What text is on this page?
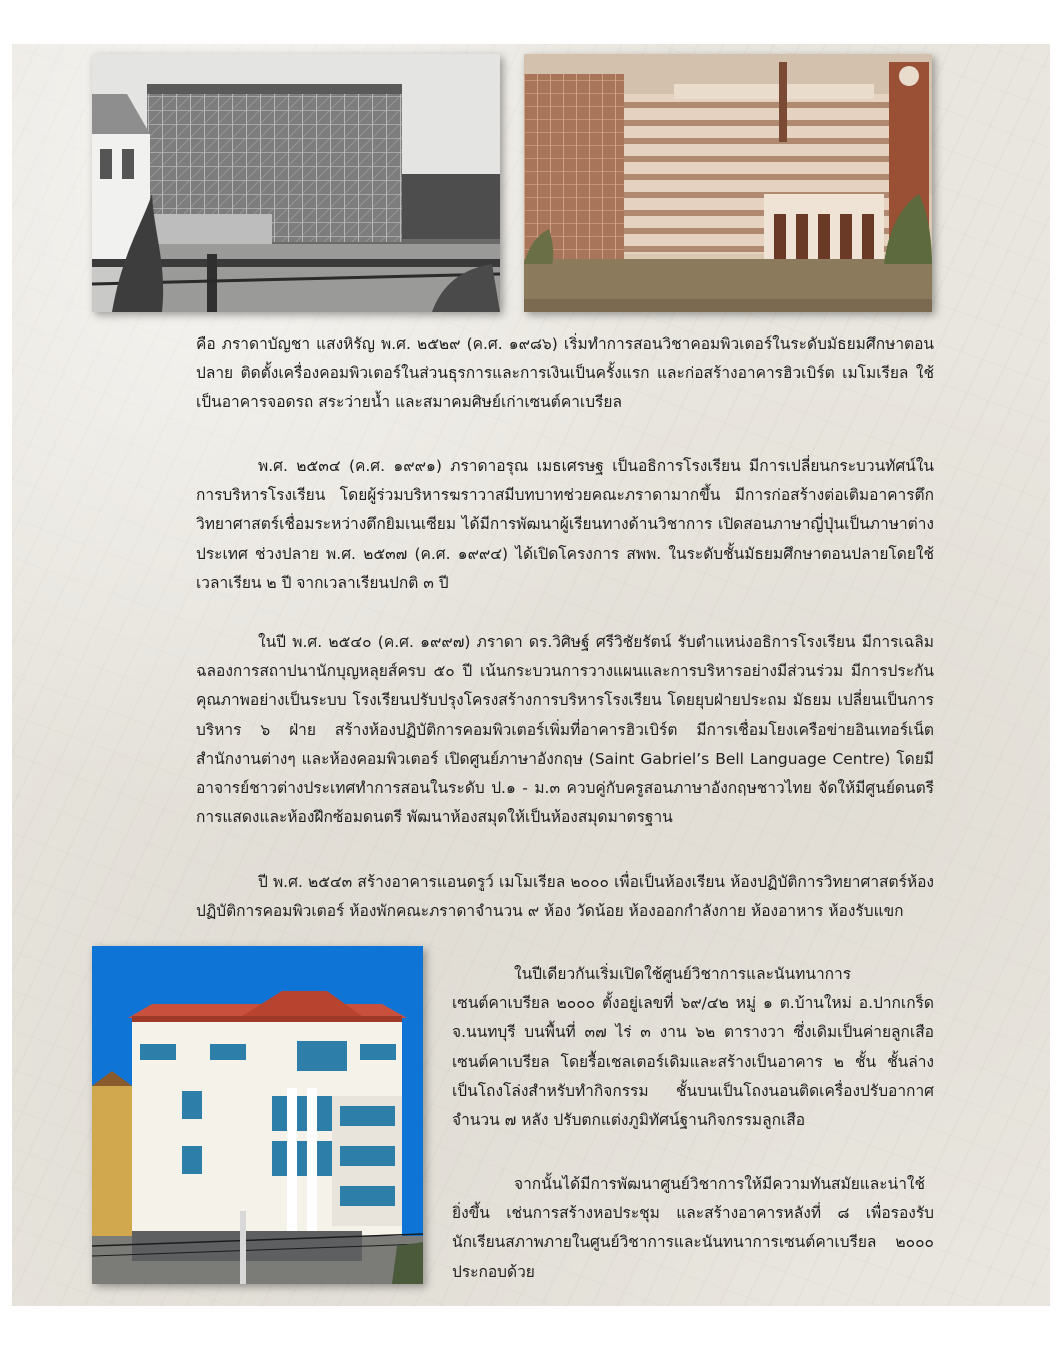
คือ ภราดาบัญชา แสงหิรัญ พ.ศ. ๒๕๒๙ (ค.ศ. ๑๙๘๖) เริ่มทำการสอนวิชาคอมพิวเตอร์ในระดับมัธยมศึกษาตอนปลาย ติดตั้งเครื่องคอมพิวเตอร์ในส่วนธุรการและการเงินเป็นครั้งแรก และก่อสร้างอาคารฮิวเบิร์ต เมโมเรียล ใช้เป็นอาคารจอดรถ สระว่ายน้ำ และสมาคมศิษย์เก่าเซนต์คาเบรียล

พ.ศ. ๒๕๓๔ (ค.ศ. ๑๙๙๑) ภราดาอรุณ เมธเศรษฐ เป็นอธิการโรงเรียน มีการเปลี่ยนกระบวนทัศน์ในการบริหารโรงเรียน โดยผู้ร่วมบริหารฆราวาสมีบทบาทช่วยคณะภราดามากขึ้น มีการก่อสร้างต่อเติมอาคารตึกวิทยาศาสตร์เชื่อมระหว่างตึกยิมเนเซียม ได้มีการพัฒนาผู้เรียนทางด้านวิชาการ เปิดสอนภาษาญี่ปุ่นเป็นภาษาต่างประเทศ ช่วงปลาย พ.ศ. ๒๕๓๗ (ค.ศ. ๑๙๙๔) ได้เปิดโครงการ สพพ. ในระดับชั้นมัธยมศึกษาตอนปลายโดยใช้เวลาเรียน ๒ ปี จากเวลาเรียนปกติ ๓ ปี

ในปี พ.ศ. ๒๕๔๐ (ค.ศ. ๑๙๙๗) ภราดา ดร.วิศิษฐ์ ศรีวิชัยรัตน์ รับตำแหน่งอธิการโรงเรียน มีการเฉลิมฉลองการสถาปนานักบุญหลุยส์ครบ ๕๐ ปี เน้นกระบวนการวางแผนและการบริหารอย่างมีส่วนร่วม มีการประกันคุณภาพอย่างเป็นระบบ โรงเรียนปรับปรุงโครงสร้างการบริหารโรงเรียน โดยยุบฝ่ายประถม มัธยม เปลี่ยนเป็นการบริหาร ๖ ฝ่าย สร้างห้องปฏิบัติการคอมพิวเตอร์เพิ่มที่อาคารฮิวเบิร์ต มีการเชื่อมโยงเครือข่ายอินเทอร์เน็ตสำนักงานต่างๆ และห้องคอมพิวเตอร์ เปิดศูนย์ภาษาอังกฤษ (Saint Gabriel’s Bell Language Centre) โดยมีอาจารย์ชาวต่างประเทศทำการสอนในระดับ ป.๑ - ม.๓ ควบคู่กับครูสอนภาษาอังกฤษชาวไทย จัดให้มีศูนย์ดนตรีการแสดงและห้องฝึกซ้อมดนตรี พัฒนาห้องสมุดให้เป็นห้องสมุดมาตรฐาน

ปี พ.ศ. ๒๕๔๓ สร้างอาคารแอนดรูว์ เมโมเรียล ๒๐๐๐ เพื่อเป็นห้องเรียน ห้องปฏิบัติการวิทยาศาสตร์ห้องปฏิบัติการคอมพิวเตอร์ ห้องพักคณะภราดาจำนวน ๙ ห้อง วัดน้อย ห้องออกกำลังกาย ห้องอาหาร ห้องรับแขก

ในปีเดียวกันเริ่มเปิดใช้ศูนย์วิชาการและนันทนาการเซนต์คาเบรียล ๒๐๐๐ ตั้งอยู่เลขที่ ๖๙/๔๒ หมู่ ๑ ต.บ้านใหม่ อ.ปากเกร็ด จ.นนทบุรี บนพื้นที่ ๓๗ ไร่ ๓ งาน ๖๒ ตารางวา ซึ่งเดิมเป็นค่ายลูกเสือเซนต์คาเบรียล โดยรื้อเชลเตอร์เดิมและสร้างเป็นอาคาร ๒ ชั้น ชั้นล่างเป็นโถงโล่งสำหรับทำกิจกรรม ชั้นบนเป็นโถงนอนติดเครื่องปรับอากาศ จำนวน ๗ หลัง ปรับตกแต่งภูมิทัศน์ฐานกิจกรรมลูกเสือ

จากนั้นได้มีการพัฒนาศูนย์วิชาการให้มีความทันสมัยและน่าใช้ยิ่งขึ้น เช่นการสร้างหอประชุม และสร้างอาคารหลังที่ ๘ เพื่อรองรับนักเรียนสภาพภายในศูนย์วิชาการและนันทนาการเซนต์คาเบรียล ๒๐๐๐ ประกอบด้วย
